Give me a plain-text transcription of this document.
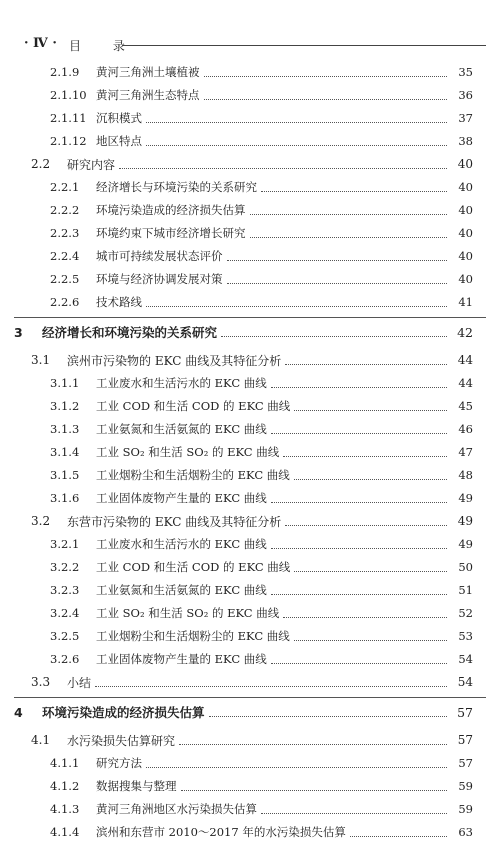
· Ⅳ · 目 录
2.1.9	黄河三角洲土壤植被	35
2.1.10 黄河三角洲生态特点	36
2.1.11 沉积模式	37
2.1.12 地区特点	38
2.2	研究内容	40
2.2.1	经济增长与环境污染的关系研究	40
2.2.2	环境污染造成的经济损失估算	40
2.2.3	环境约束下城市经济增长研究	40
2.2.4	城市可持续发展状态评价	40
2.2.5	环境与经济协调发展对策	40
2.2.6	技术路线	41
3	经济增长和环境污染的关系研究	42
3.1	滨州市污染物的 EKC 曲线及其特征分析	44
3.1.1	工业废水和生活污水的 EKC 曲线	44
3.1.2	工业 COD 和生活 COD 的 EKC 曲线	45
3.1.3	工业氨氮和生活氨氮的 EKC 曲线	46
3.1.4	工业 SO₂ 和生活 SO₂ 的 EKC 曲线	47
3.1.5	工业烟粉尘和生活烟粉尘的 EKC 曲线	48
3.1.6	工业固体废物产生量的 EKC 曲线	49
3.2	东营市污染物的 EKC 曲线及其特征分析	49
3.2.1	工业废水和生活污水的 EKC 曲线	49
3.2.2	工业 COD 和生活 COD 的 EKC 曲线	50
3.2.3	工业氨氮和生活氨氮的 EKC 曲线	51
3.2.4	工业 SO₂ 和生活 SO₂ 的 EKC 曲线	52
3.2.5	工业烟粉尘和生活烟粉尘的 EKC 曲线	53
3.2.6	工业固体废物产生量的 EKC 曲线	54
3.3	小结	54
4	环境污染造成的经济损失估算	57
4.1	水污染损失估算研究	57
4.1.1	研究方法	57
4.1.2	数据搜集与整理	59
4.1.3	黄河三角洲地区水污染损失估算	59
4.1.4	滨州和东营市 2010～2017 年的水污染损失估算	63
